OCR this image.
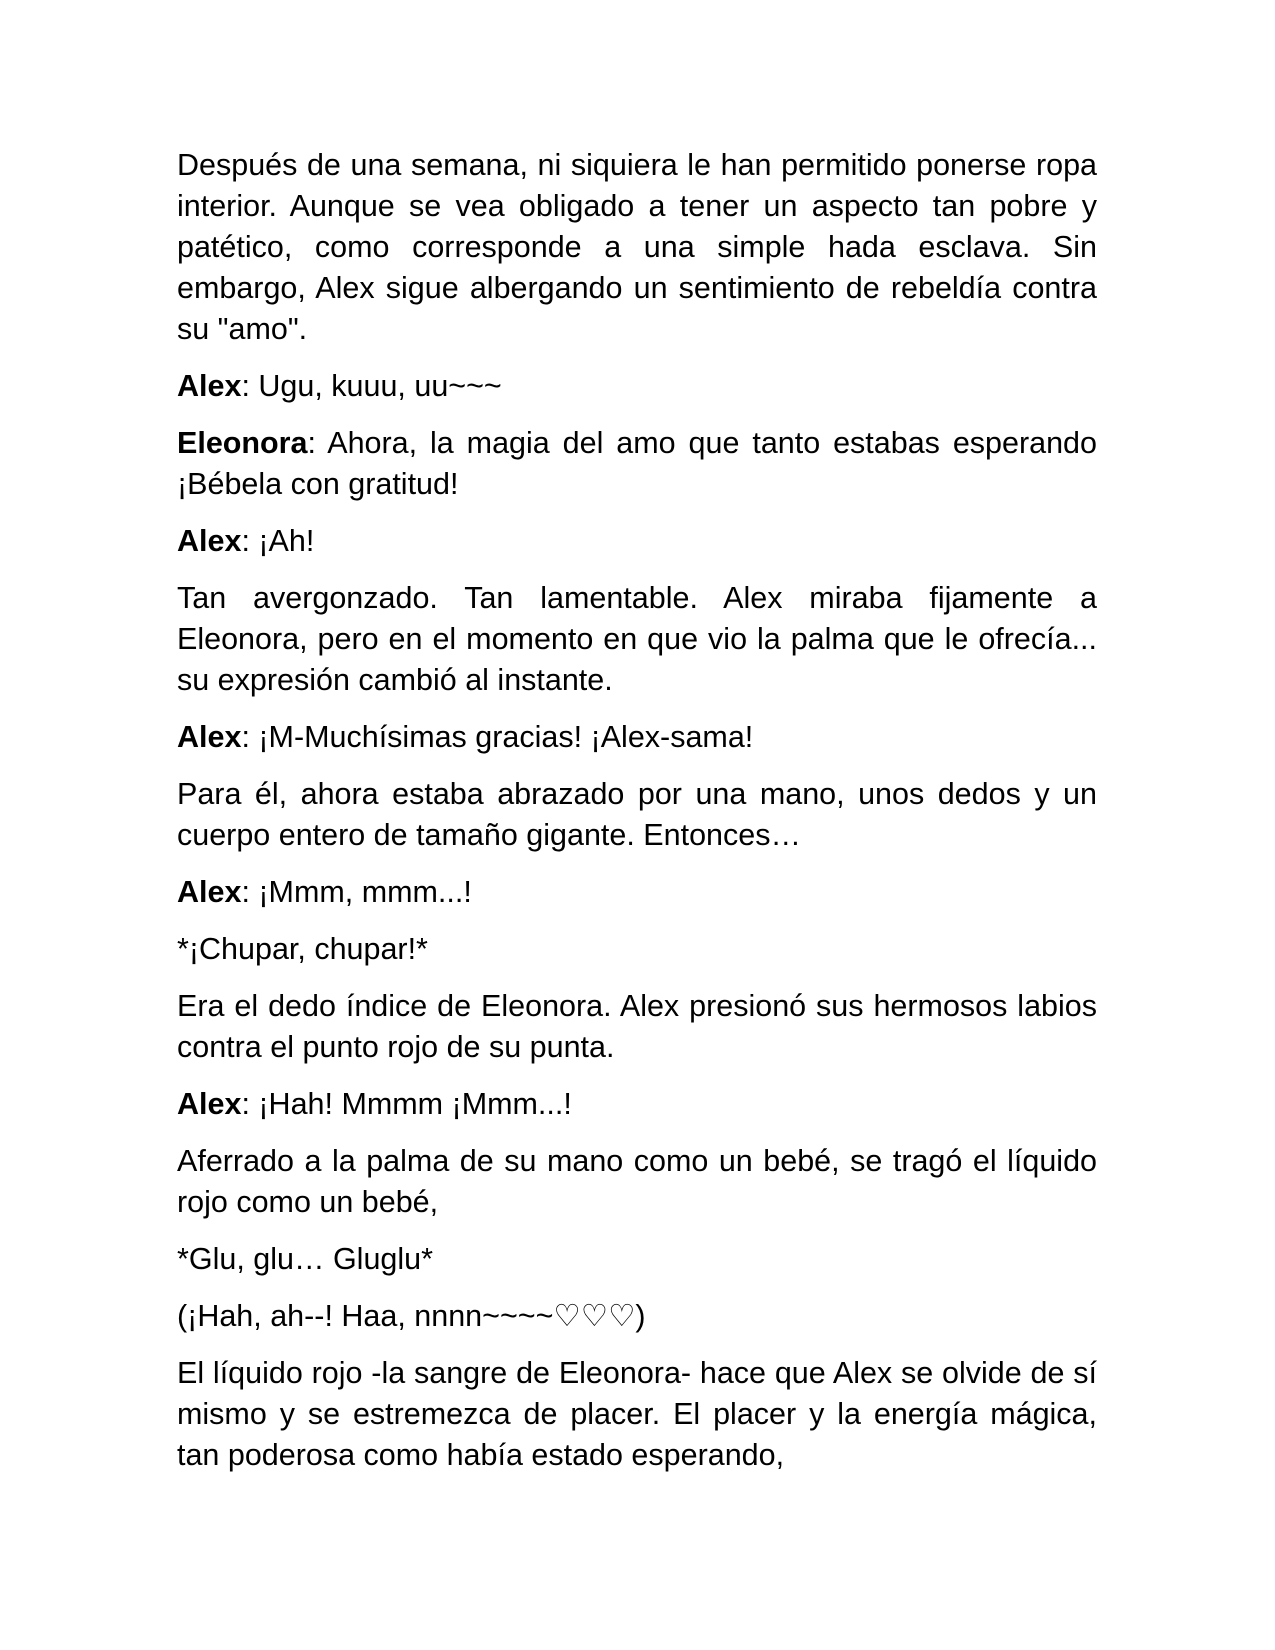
Después de una semana, ni siquiera le han permitido ponerse ropa interior. Aunque se vea obligado a tener un aspecto tan pobre y patético, como corresponde a una simple hada esclava. Sin embargo, Alex sigue albergando un sentimiento de rebeldía contra su "amo".

Alex: Ugu, kuuu, uu~~~

Eleonora: Ahora, la magia del amo que tanto estabas esperando ¡Bébela con gratitud!

Alex: ¡Ah!

Tan avergonzado. Tan lamentable. Alex miraba fijamente a Eleonora, pero en el momento en que vio la palma que le ofrecía... su expresión cambió al instante.

Alex: ¡M-Muchísimas gracias! ¡Alex-sama!

Para él, ahora estaba abrazado por una mano, unos dedos y un cuerpo entero de tamaño gigante. Entonces…

Alex: ¡Mmm, mmm...!

*¡Chupar, chupar!*

Era el dedo índice de Eleonora. Alex presionó sus hermosos labios contra el punto rojo de su punta.

Alex: ¡Hah! Mmmm ¡Mmm...!

Aferrado a la palma de su mano como un bebé, se tragó el líquido rojo como un bebé,

*Glu, glu… Gluglu*

(¡Hah, ah--! Haa, nnnn~~~~♡♡♡)

El líquido rojo -la sangre de Eleonora- hace que Alex se olvide de sí mismo y se estremezca de placer. El placer y la energía mágica, tan poderosa como había estado esperando,
